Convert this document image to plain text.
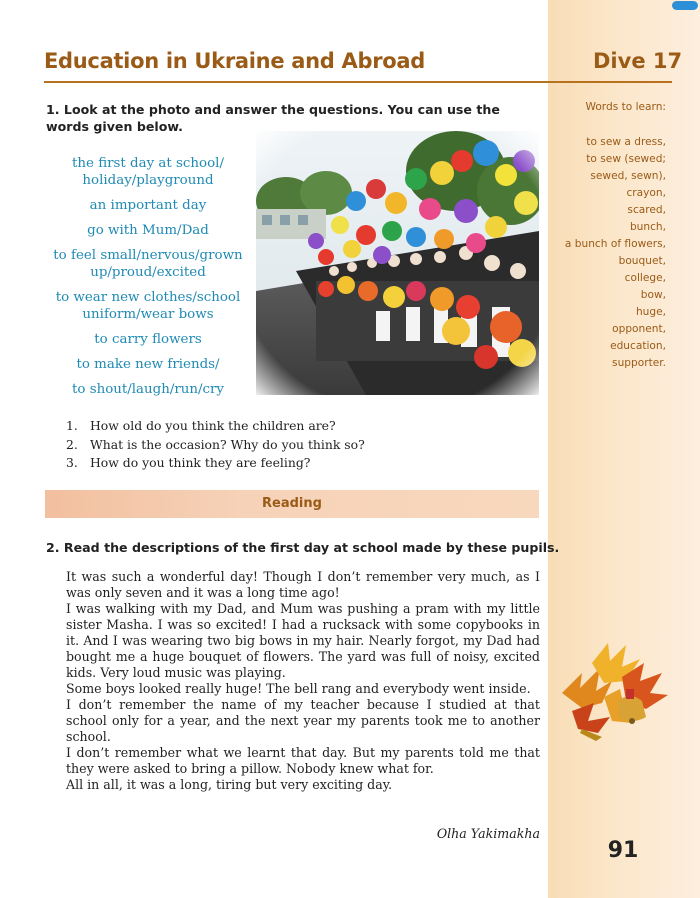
Education in Ukraine and Abroad	Dive 17
1. Look at the photo and answer the questions. You can use the words given below.
the first day at school/ holiday/playground
an important day
go with Mum/Dad
to feel small/nervous/grown up/proud/excited
to wear new clothes/school uniform/wear bows
to carry flowers
to make new friends/
to shout/laugh/run/cry
1. How old do you think the children are?
2. What is the occasion? Why do you think so?
3. How do you think they are feeling?
Reading
2. Read the descriptions of the first day at school made by these pupils.

It was such a wonderful day! Though I don’t remember very much, as I was only seven and it was a long time ago!

I was walking with my Dad, and Mum was pushing a pram with my little sister Masha. I was so excited! I had a rucksack with some copybooks in it. And I was wearing two big bows in my hair. Nearly forgot, my Dad had bought me a huge bouquet of flowers. The yard was full of noisy, excited kids. Very loud music was playing.

Some boys looked really huge! The bell rang and everybody went inside.

I don’t remember the name of my teacher because I studied at that school only for a year, and the next year my parents took me to another school.

I don’t remember what we learnt that day. But my parents told me that they were asked to bring a pillow. Nobody knew what for.

All in all, it was a long, tiring but very exciting day.

Olha Yakimakha
Words to learn:
to sew a dress,
to sew (sewed;
sewed, sewn),
crayon,
scared,
bunch,
a bunch of flowers,
bouquet,
college,
bow,
huge,
opponent,
education,
supporter.
91
